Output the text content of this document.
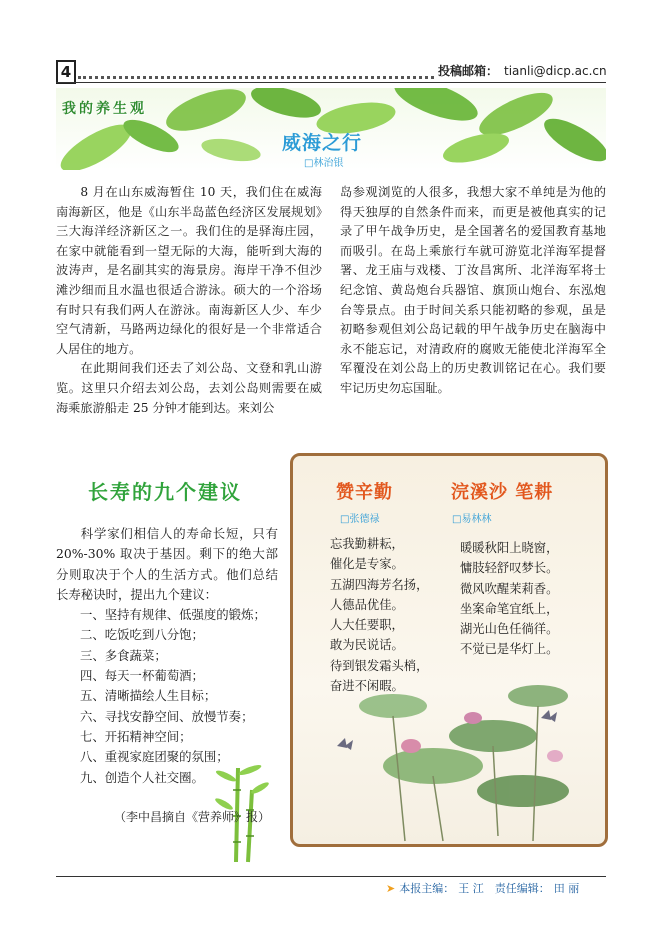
4	投稿邮箱： tianli@dicp.ac.cn
我的养生观
威海之行
□林治银

8 月在山东威海暂住 10 天，我们住在威海南海新区，他是《山东半岛蓝色经济区发展规划》三大海洋经济新区之一。我们住的是驿海庄园，在家中就能看到一望无际的大海，能听到大海的波涛声，是名副其实的海景房。海岸干净不但沙滩沙细而且水温也很适合游泳。硕大的一个浴场有时只有我们两人在游泳。南海新区人少、车少空气清新，马路两边绿化的很好是一个非常适合人居住的地方。

在此期间我们还去了刘公岛、文登和乳山游览。这里只介绍去刘公岛，去刘公岛则需要在威海乘旅游船走 25 分钟才能到达。来刘公

岛参观浏览的人很多，我想大家不单纯是为他的得天独厚的自然条件而来，而更是被他真实的记录了甲午战争历史，是全国著名的爱国教育基地而吸引。在岛上乘旅行车就可游览北洋海军提督署、龙王庙与戏楼、丁汝昌寓所、北洋海军将士纪念馆、黄岛炮台兵器馆、旗顶山炮台、东泓炮台等景点。由于时间关系只能初略的参观，虽是初略参观但刘公岛记载的甲午战争历史在脑海中永不能忘记，对清政府的腐败无能使北洋海军全军覆没在刘公岛上的历史教训铭记在心。我们要牢记历史勿忘国耻。

长寿的九个建议

科学家们相信人的寿命长短，只有 20%-30% 取决于基因。剩下的绝大部分则取决于个人的生活方式。他们总结长寿秘诀时，提出九个建议：

一、坚持有规律、低强度的锻炼；
二、吃饭吃到八分饱；
三、多食蔬菜；
四、每天一杯葡萄酒；
五、清晰描绘人生目标；
六、寻找安静空间、放慢节奏；
七、开拓精神空间；
八、重视家庭团聚的氛围；
九、创造个人社交圈。
（李中昌摘自《营养师》报）
赞辛勤	浣溪沙 笔耕
□张德禄	□易林林
忘我勤耕耘，
催化是专家。
五湖四海芳名扬，
人德品优佳。
人大任要职，
敢为民说话。
待到银发霜头梢，
奋进不闲暇。
暖暖秋阳上晓窗，
慵肢轻舒叹梦长。
微风吹醒茉莉香。
坐案命笔宜纸上，
湖光山色任徜徉。
不觉已是华灯上。
➤ 本报主编： 王 江 责任编辑： 田 丽
